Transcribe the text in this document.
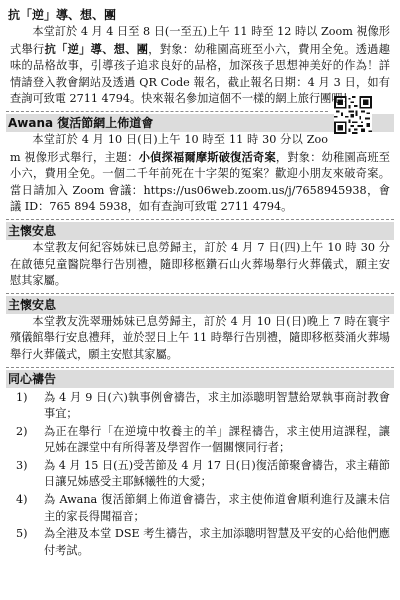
抗「逆」導、想、團

本堂訂於 4 月 4 日至 8 日(一至五)上午 11 時至 12 時以 Zoom 視像形式舉行抗「逆」導、想、團，對象：幼稚園高班至小六，費用全免。透過趣味的品格故事，引導孩子追求良好的品格，加深孩子思想神美好的作為！詳情請登入教會網站及透過 QR Code 報名，截止報名日期：4 月 3 日，如有查詢可致電 2711 4794。快來報名參加這個不一樣的網上旅行團吧！

Awana 復活節網上佈道會

本堂訂於 4 月 10 日(日)上午 10 時至 11 時 30 分以 Zoom 視像形式舉行，主題：小偵探福爾摩斯破復活奇案，對象：幼稚園高班至小六，費用全免。一個二千年前死在十字架的冤案？歡迎小朋友來破奇案。當日請加入 Zoom 會議：https://us06web.zoom.us/j/7658945938，會議 ID：765 894 5938，如有查詢可致電 2711 4794。

主懷安息

本堂教友何紀容姊妹已息勞歸主，訂於 4 月 7 日(四)上午 10 時 30 分在啟德兒童醫院舉行告別禮，隨即移柩鑽石山火葬場舉行火葬儀式，願主安慰其家屬。

主懷安息

本堂教友洗翠珊姊妹已息勞歸主，訂於 4 月 10 日(日)晚上 7 時在寰宇殯儀館舉行安息禮拜，並於翌日上午 11 時舉行告別禮，隨即移柩葵涌火葬場舉行火葬儀式，願主安慰其家屬。

同心禱告
1) 為 4 月 9 日(六)執事例會禱告，求主加添聰明智慧給眾執事商討教會事宜；
2) 為正在舉行「在逆境中牧養主的羊」課程禱告，求主使用這課程，讓兄姊在課堂中有所得著及學習作一個關懷同行者；
3) 為 4 月 15 日(五)受苦節及 4 月 17 日(日)復活節聚會禱告，求主藉節日讓兄姊感受主耶穌犧牲的大愛；
4) 為 Awana 復活節網上佈道會禱告，求主使佈道會順利進行及讓未信主的家長得聞福音；
5) 為全港及本堂 DSE 考生禱告，求主加添聰明智慧及平安的心給他們應付考試。
